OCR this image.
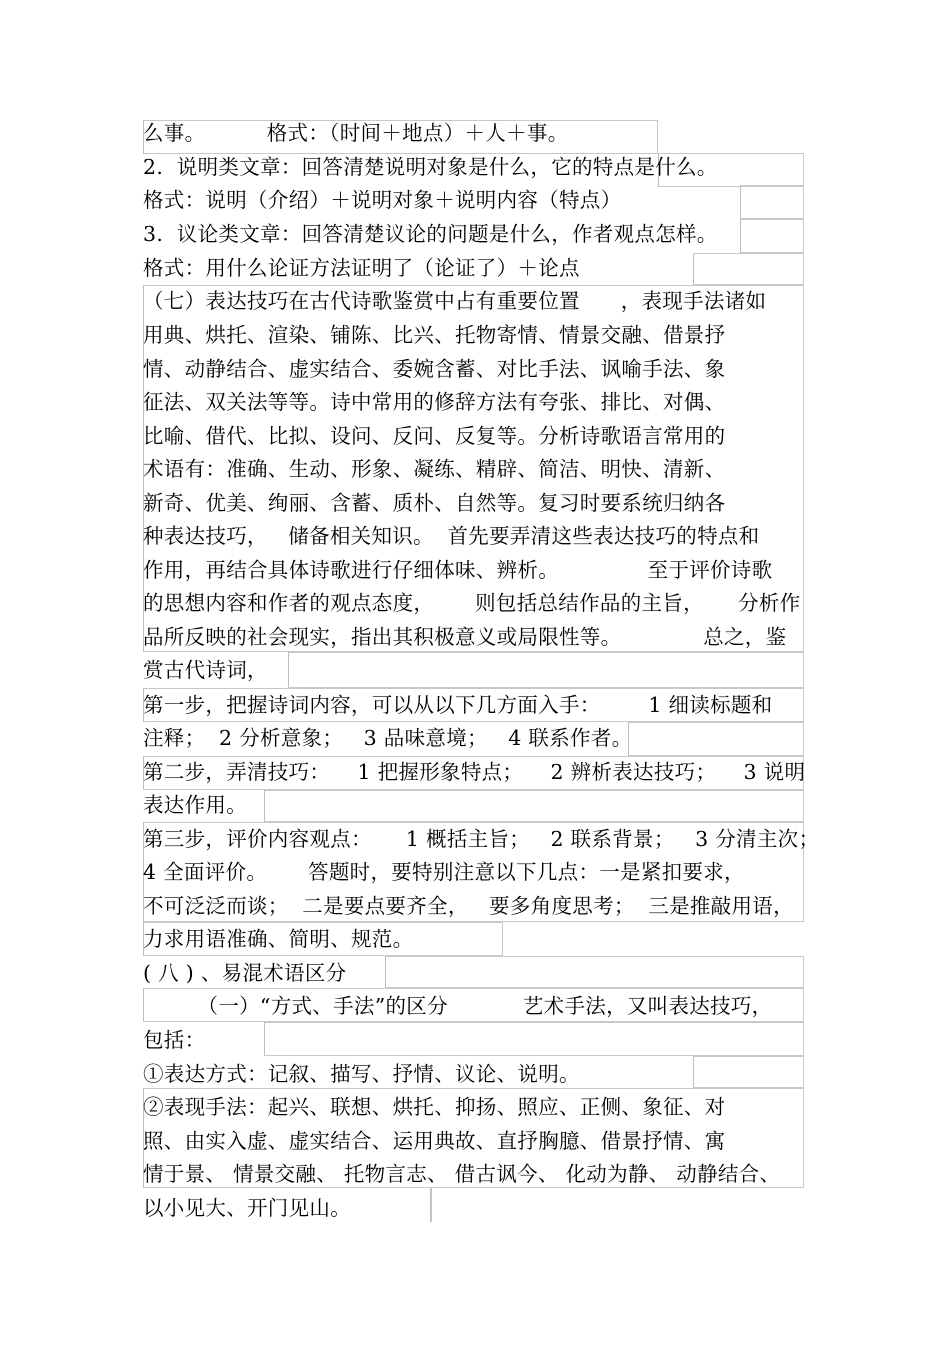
么事。         格式：（时间＋地点）＋人＋事。
2.  说明类文章：回答清楚说明对象是什么，它的特点是什么。
格式：说明（介绍）＋说明对象＋说明内容（特点）
3.  议论类文章：回答清楚议论的问题是什么，作者观点怎样。
格式：用什么论证方法证明了（论证了）＋论点
（七）表达技巧在古代诗歌鉴赏中占有重要位置      ，表现手法诸如
用典、烘托、渲染、铺陈、比兴、托物寄情、情景交融、借景抒
情、动静结合、虚实结合、委婉含蓄、对比手法、讽喻手法、象
征法、双关法等等。诗中常用的修辞方法有夸张、排比、对偶、
比喻、借代、比拟、设问、反问、反复等。分析诗歌语言常用的
术语有：准确、生动、形象、凝练、精辟、简洁、明快、清新、
新奇、优美、绚丽、含蓄、质朴、自然等。复习时要系统归纳各
种表达技巧，   储备相关知识。  首先要弄清这些表达技巧的特点和
作用，再结合具体诗歌进行仔细体味、辨析。             至于评价诗歌
的思想内容和作者的观点态度，      则包括总结作品的主旨，     分析作
品所反映的社会现实，指出其积极意义或局限性等。            总之，鉴
赏古代诗词，
第一步，把握诗词内容，可以从以下几方面入手：       1 细读标题和
注释；  2 分析意象；   3 品味意境；   4 联系作者。
第二步，弄清技巧：    1 把握形象特点；    2 辨析表达技巧；    3 说明
表达作用。
第三步，评价内容观点：     1 概括主旨；   2 联系背景；   3 分清主次；
4 全面评价。      答题时，要特别注意以下几点：一是紧扣要求，
不可泛泛而谈；  二是要点要齐全，   要多角度思考；  三是推敲用语，
力求用语准确、简明、规范。
( 八 ) 、易混术语区分
（一）“方式、手法”的区分           艺术手法，又叫表达技巧，
包括：
①表达方式：记叙、描写、抒情、议论、说明。
②表现手法：起兴、联想、烘托、抑扬、照应、正侧、象征、对
照、由实入虚、虚实结合、运用典故、直抒胸臆、借景抒情、寓
情于景、 情景交融、 托物言志、 借古讽今、 化动为静、 动静结合、
以小见大、开门见山。
